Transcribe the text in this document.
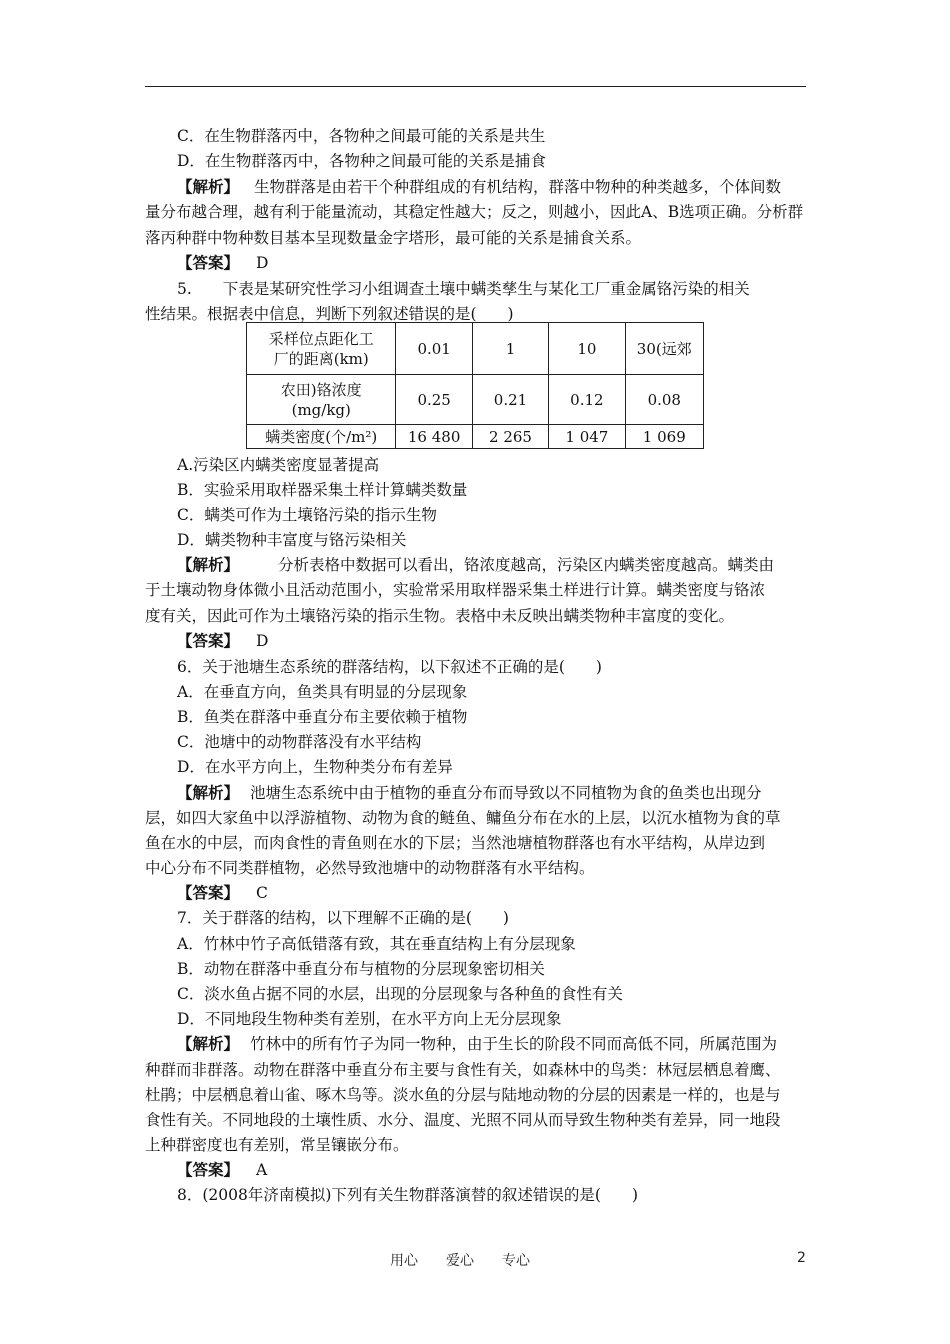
C．在生物群落丙中，各物种之间最可能的关系是共生
D．在生物群落丙中，各物种之间最可能的关系是捕食
【解析】 生物群落是由若干个种群组成的有机结构，群落中物种的种类越多，个体间数
量分布越合理，越有利于能量流动，其稳定性越大；反之，则越小，因此A、B选项正确。分析群
落丙种群中物种数目基本呈现数量金字塔形，最可能的关系是捕食关系。
【答案】 D
5.　　下表是某研究性学习小组调查土壤中螨类孳生与某化工厂重金属铬污染的相关
性结果。根据表中信息，判断下列叙述错误的是(　　)
采样位点距化工
厂的距离(km)	0.01	1	10	30(远郊

农田)铬浓度
(mg/kg)	0.25	0.21	0.12	0.08
螨类密度(个/m²)	16 480	2 265	1 047	1 069
A.污染区内螨类密度显著提高
B．实验采用取样器采集土样计算螨类数量
C．螨类可作为土壤铬污染的指示生物
D．螨类物种丰富度与铬污染相关
【解析】	分析表格中数据可以看出，铬浓度越高，污染区内螨类密度越高。螨类由
于土壤动物身体微小且活动范围小，实验常采用取样器采集土样进行计算。螨类密度与铬浓
度有关，因此可作为土壤铬污染的指示生物。表格中未反映出螨类物种丰富度的变化。
【答案】 D
6．关于池塘生态系统的群落结构，以下叙述不正确的是(　　)
A．在垂直方向，鱼类具有明显的分层现象
B．鱼类在群落中垂直分布主要依赖于植物
C．池塘中的动物群落没有水平结构
D．在水平方向上，生物种类分布有差异
【解析】 池塘生态系统中由于植物的垂直分布而导致以不同植物为食的鱼类也出现分
层，如四大家鱼中以浮游植物、动物为食的鲢鱼、鳙鱼分布在水的上层，以沉水植物为食的草
鱼在水的中层，而肉食性的青鱼则在水的下层；当然池塘植物群落也有水平结构，从岸边到
中心分布不同类群植物，必然导致池塘中的动物群落有水平结构。
【答案】 C
7．关于群落的结构，以下理解不正确的是(　　)
A．竹林中竹子高低错落有致，其在垂直结构上有分层现象
B．动物在群落中垂直分布与植物的分层现象密切相关
C．淡水鱼占据不同的水层，出现的分层现象与各种鱼的食性有关
D．不同地段生物种类有差别，在水平方向上无分层现象
【解析】 竹林中的所有竹子为同一物种，由于生长的阶段不同而高低不同，所属范围为
种群而非群落。动物在群落中垂直分布主要与食性有关，如森林中的鸟类：林冠层栖息着鹰、
杜鹃；中层栖息着山雀、啄木鸟等。淡水鱼的分层与陆地动物的分层的因素是一样的，也是与
食性有关。不同地段的土壤性质、水分、温度、光照不同从而导致生物种类有差异，同一地段
上种群密度也有差别，常呈镶嵌分布。
【答案】 A
8．(2008年济南模拟)下列有关生物群落演替的叙述错误的是(　　)
用心　　爱心　　专心	2
